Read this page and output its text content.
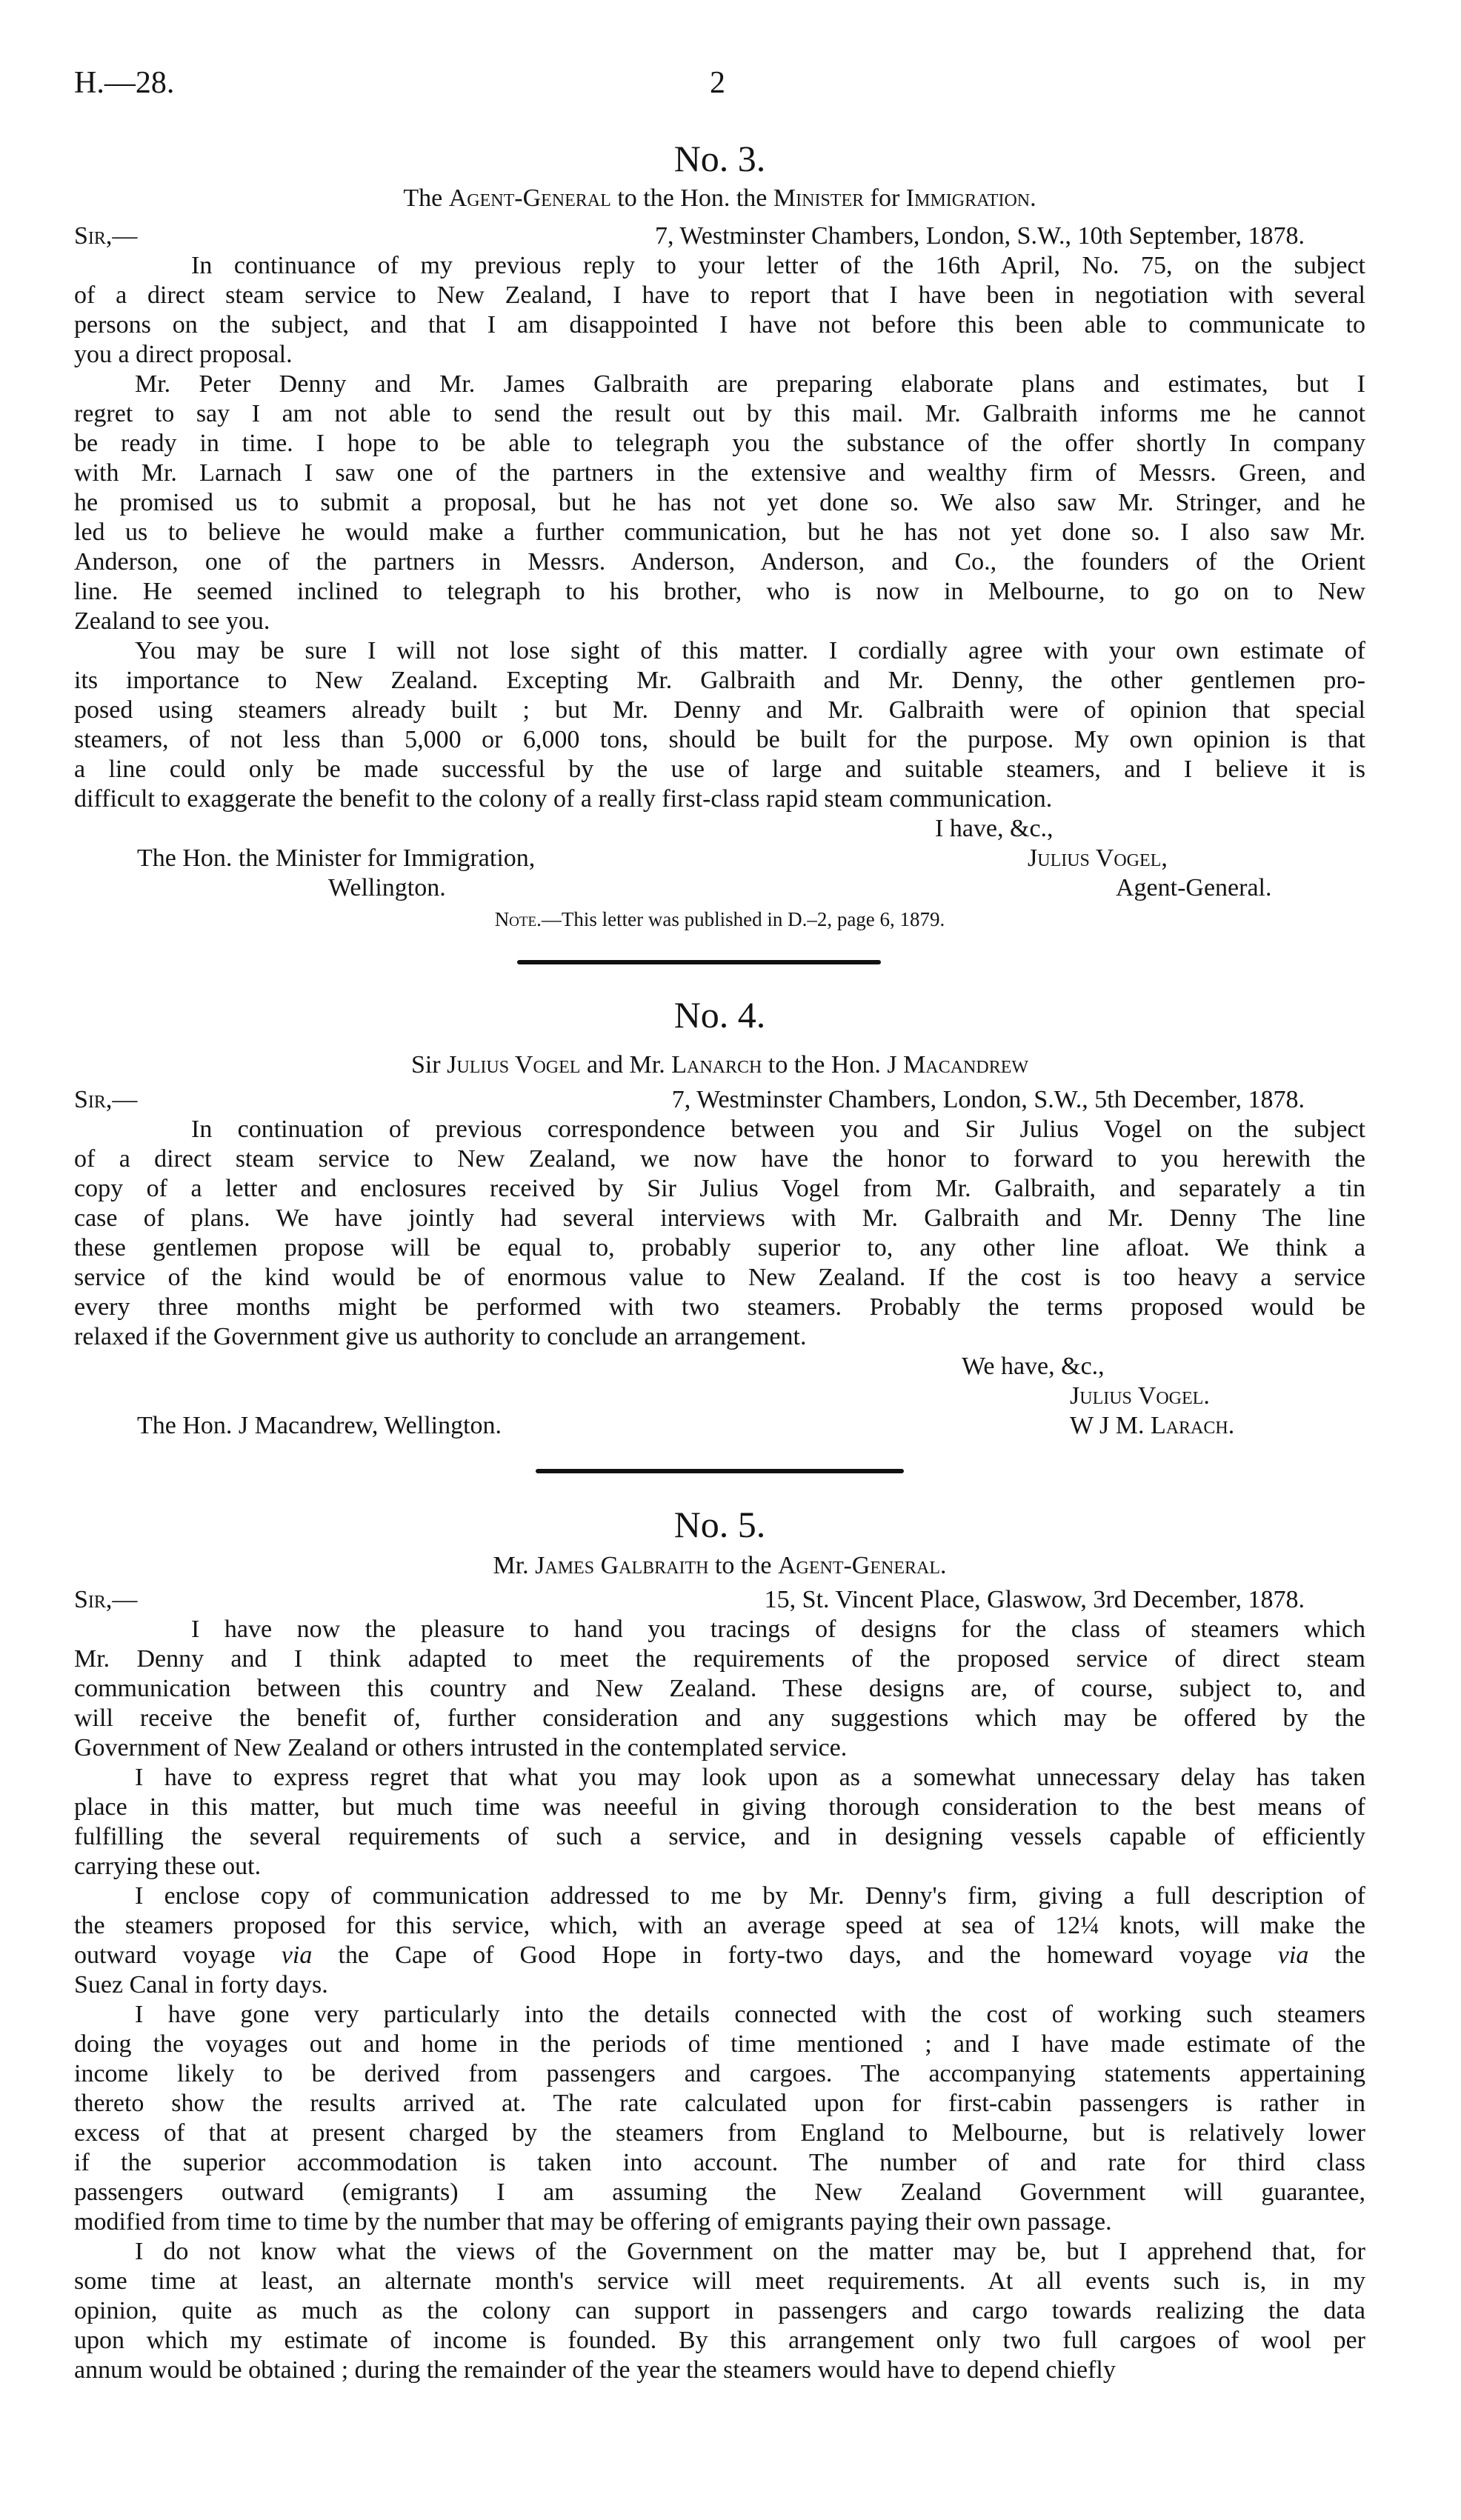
H.—28.	2
No. 3.
The Agent-General to the Hon. the Minister for Immigration.
Sir,—	7, Westminster Chambers, London, S.W., 10th September, 1878.
In continuance of my previous reply to your letter of the 16th April, No. 75, on the subject
of a direct steam service to New Zealand, I have to report that I have been in negotiation with several
persons on the subject, and that I am disappointed I have not before this been able to communicate to
you a direct proposal.
Mr. Peter Denny and Mr. James Galbraith are preparing elaborate plans and estimates, but I
regret to say I am not able to send the result out by this mail. Mr. Galbraith informs me he cannot
be ready in time. I hope to be able to telegraph you the substance of the offer shortly In company
with Mr. Larnach I saw one of the partners in the extensive and wealthy firm of Messrs. Green, and
he promised us to submit a proposal, but he has not yet done so. We also saw Mr. Stringer, and he
led us to believe he would make a further communication, but he has not yet done so. I also saw Mr.
Anderson, one of the partners in Messrs. Anderson, Anderson, and Co., the founders of the Orient
line. He seemed inclined to telegraph to his brother, who is now in Melbourne, to go on to New
Zealand to see you.
You may be sure I will not lose sight of this matter. I cordially agree with your own estimate of
its importance to New Zealand. Excepting Mr. Galbraith and Mr. Denny, the other gentlemen pro-
posed using steamers already built ; but Mr. Denny and Mr. Galbraith were of opinion that special
steamers, of not less than 5,000 or 6,000 tons, should be built for the purpose. My own opinion is that
a line could only be made successful by the use of large and suitable steamers, and I believe it is
difficult to exaggerate the benefit to the colony of a really first-class rapid steam communication.
I have, &c.,
The Hon. the Minister for Immigration,	Julius Vogel,
Wellington.	Agent-General.
Note.—This letter was published in D.–2, page 6, 1879.
No. 4.
Sir Julius Vogel and Mr. Lanarch to the Hon. J Macandrew
Sir,—	7, Westminster Chambers, London, S.W., 5th December, 1878.
In continuation of previous correspondence between you and Sir Julius Vogel on the subject
of a direct steam service to New Zealand, we now have the honor to forward to you herewith the
copy of a letter and enclosures received by Sir Julius Vogel from Mr. Galbraith, and separately a tin
case of plans. We have jointly had several interviews with Mr. Galbraith and Mr. Denny The line
these gentlemen propose will be equal to, probably superior to, any other line afloat. We think a
service of the kind would be of enormous value to New Zealand. If the cost is too heavy a service
every three months might be performed with two steamers. Probably the terms proposed would be
relaxed if the Government give us authority to conclude an arrangement.
We have, &c.,
Julius Vogel.
The Hon. J Macandrew, Wellington.	W J M. Larach.
No. 5.
Mr. James Galbraith to the Agent-General.
Sir,—	15, St. Vincent Place, Glaswow, 3rd December, 1878.
I have now the pleasure to hand you tracings of designs for the class of steamers which
Mr. Denny and I think adapted to meet the requirements of the proposed service of direct steam
communication between this country and New Zealand. These designs are, of course, subject to, and
will receive the benefit of, further consideration and any suggestions which may be offered by the
Government of New Zealand or others intrusted in the contemplated service.
I have to express regret that what you may look upon as a somewhat unnecessary delay has taken
place in this matter, but much time was neeeful in giving thorough consideration to the best means of
fulfilling the several requirements of such a service, and in designing vessels capable of efficiently
carrying these out.
I enclose copy of communication addressed to me by Mr. Denny's firm, giving a full description of
the steamers proposed for this service, which, with an average speed at sea of 12¼ knots, will make the
outward voyage via the Cape of Good Hope in forty-two days, and the homeward voyage via the
Suez Canal in forty days.
I have gone very particularly into the details connected with the cost of working such steamers
doing the voyages out and home in the periods of time mentioned ; and I have made estimate of the
income likely to be derived from passengers and cargoes. The accompanying statements appertaining
thereto show the results arrived at. The rate calculated upon for first-cabin passengers is rather in
excess of that at present charged by the steamers from England to Melbourne, but is relatively lower
if the superior accommodation is taken into account. The number of and rate for third class
passengers outward (emigrants) I am assuming the New Zealand Government will guarantee,
modified from time to time by the number that may be offering of emigrants paying their own passage.
I do not know what the views of the Government on the matter may be, but I apprehend that, for
some time at least, an alternate month's service will meet requirements. At all events such is, in my
opinion, quite as much as the colony can support in passengers and cargo towards realizing the data
upon which my estimate of income is founded. By this arrangement only two full cargoes of wool per
annum would be obtained ; during the remainder of the year the steamers would have to depend chiefly
